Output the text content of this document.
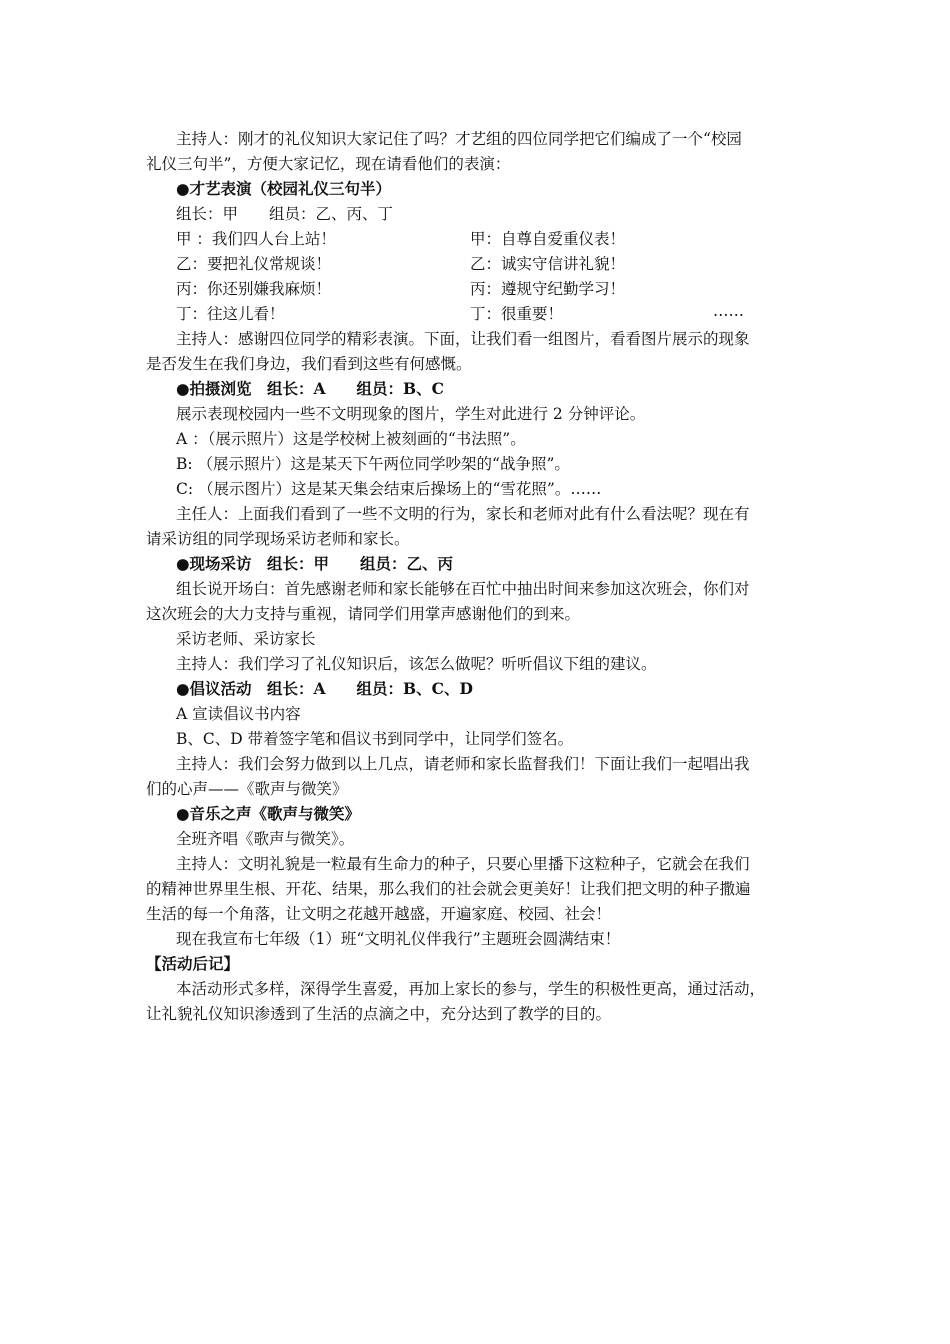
主持人：刚才的礼仪知识大家记住了吗？才艺组的四位同学把它们编成了一个“校园
礼仪三句半”，方便大家记忆，现在请看他们的表演：
●才艺表演（校园礼仪三句半）
组长：甲　　组员：乙、丙、丁
甲 ：我们四人台上站！	甲：自尊自爱重仪表！
乙：要把礼仪常规谈！	乙：诚实守信讲礼貌！
丙：你还别嫌我麻烦！	丙：遵规守纪勤学习！
丁：往这儿看！	丁：很重要！	……
主持人：感谢四位同学的精彩表演。下面，让我们看一组图片，看看图片展示的现象
是否发生在我们身边，我们看到这些有何感慨。
●拍摄浏览　组长：A　　组员：B、C
展示表现校园内一些不文明现象的图片，学生对此进行 2 分钟评论。
A ：（展示照片）这是学校树上被刻画的“书法照”。
B: （展示照片）这是某天下午两位同学吵架的“战争照”。
C: （展示图片）这是某天集会结束后操场上的“雪花照”。……
主任人：上面我们看到了一些不文明的行为，家长和老师对此有什么看法呢？现在有
请采访组的同学现场采访老师和家长。
●现场采访　组长：甲　　组员：乙、丙
组长说开场白：首先感谢老师和家长能够在百忙中抽出时间来参加这次班会，你们对
这次班会的大力支持与重视，请同学们用掌声感谢他们的到来。
采访老师、采访家长
主持人：我们学习了礼仪知识后，该怎么做呢？听听倡议下组的建议。
●倡议活动　组长：A　　组员：B、C、D
A 宣读倡议书内容
B、C、D 带着签字笔和倡议书到同学中，让同学们签名。
主持人：我们会努力做到以上几点，请老师和家长监督我们！下面让我们一起唱出我
们的心声——《歌声与微笑》
●音乐之声《歌声与微笑》
全班齐唱《歌声与微笑》。
主持人：文明礼貌是一粒最有生命力的种子，只要心里播下这粒种子，它就会在我们
的精神世界里生根、开花、结果，那么我们的社会就会更美好！让我们把文明的种子撒遍
生活的每一个角落，让文明之花越开越盛，开遍家庭、校园、社会！
现在我宣布七年级（1）班“文明礼仪伴我行”主题班会圆满结束！
【活动后记】
本活动形式多样，深得学生喜爱，再加上家长的参与，学生的积极性更高，通过活动，
让礼貌礼仪知识渗透到了生活的点滴之中，充分达到了教学的目的。
